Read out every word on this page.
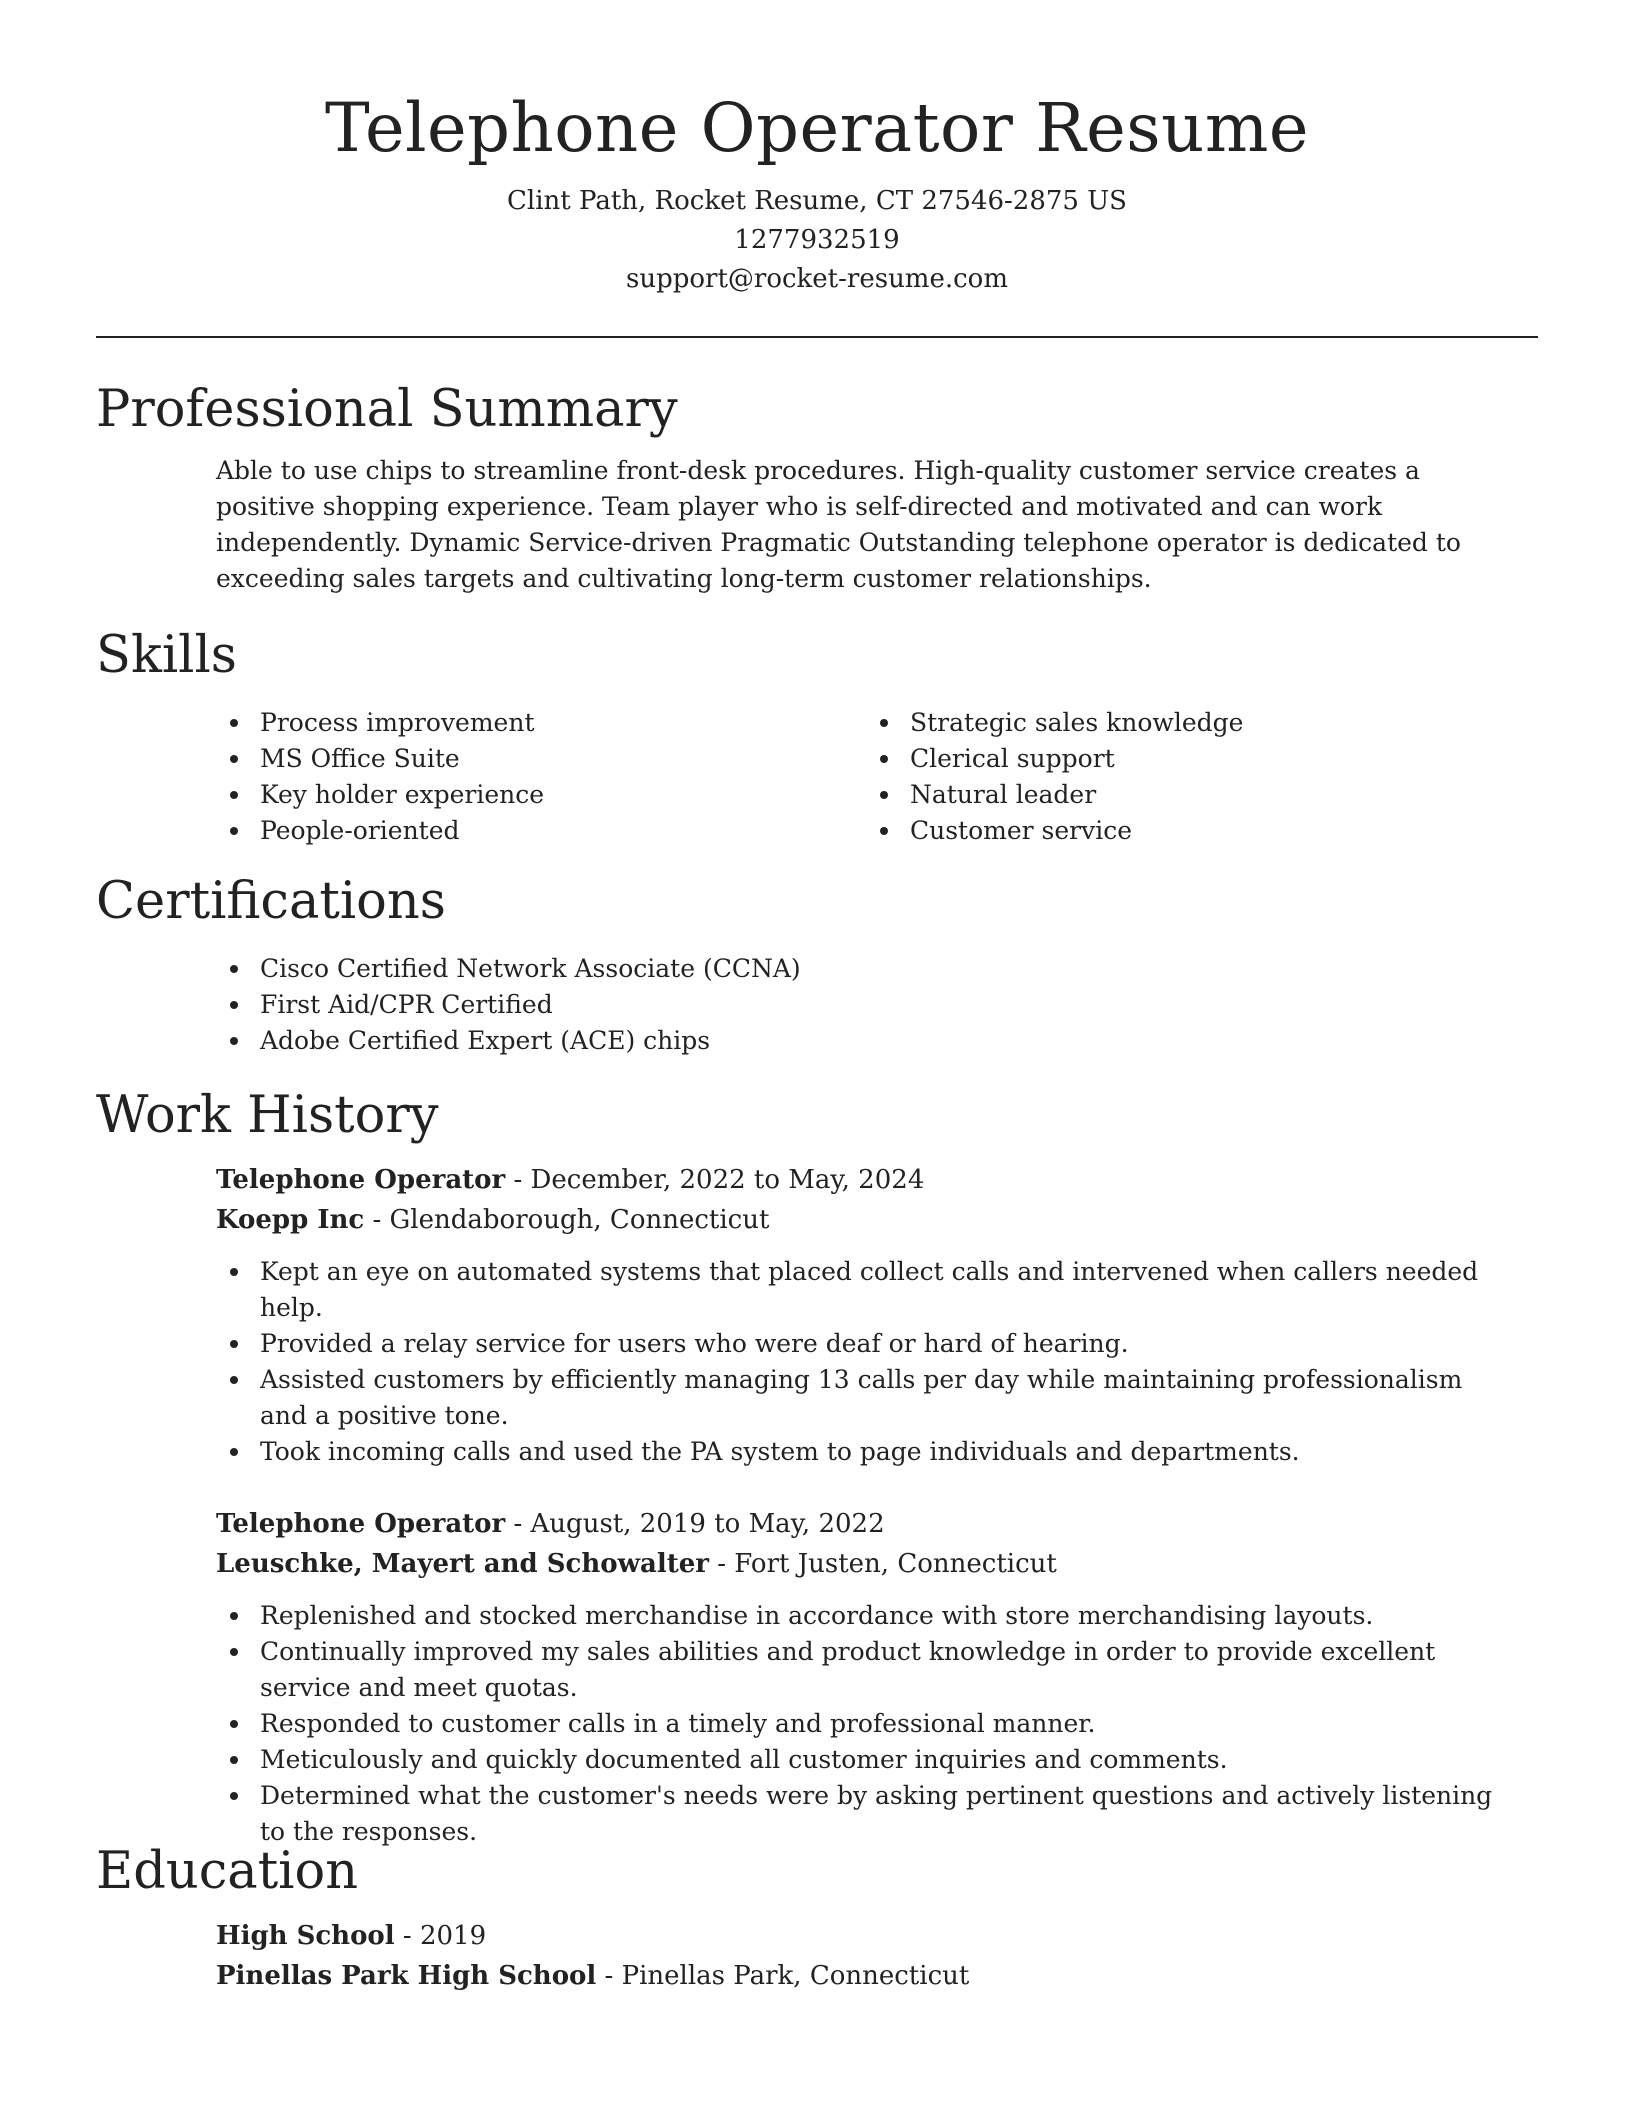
Telephone Operator Resume
Clint Path, Rocket Resume, CT 27546-2875 US
1277932519
support@rocket-resume.com
Professional Summary
Able to use chips to streamline front-desk procedures. High-quality customer service creates a positive shopping experience. Team player who is self-directed and motivated and can work independently. Dynamic Service-driven Pragmatic Outstanding telephone operator is dedicated to exceeding sales targets and cultivating long-term customer relationships.
Skills
Process improvement
MS Office Suite
Key holder experience
People-oriented
Strategic sales knowledge
Clerical support
Natural leader
Customer service
Certifications
Cisco Certified Network Associate (CCNA)
First Aid/CPR Certified
Adobe Certified Expert (ACE) chips
Work History
Telephone Operator - December, 2022 to May, 2024
Koepp Inc - Glendaborough, Connecticut
Kept an eye on automated systems that placed collect calls and intervened when callers needed help.
Provided a relay service for users who were deaf or hard of hearing.
Assisted customers by efficiently managing 13 calls per day while maintaining professionalism and a positive tone.
Took incoming calls and used the PA system to page individuals and departments.
Telephone Operator - August, 2019 to May, 2022
Leuschke, Mayert and Schowalter - Fort Justen, Connecticut
Replenished and stocked merchandise in accordance with store merchandising layouts.
Continually improved my sales abilities and product knowledge in order to provide excellent service and meet quotas.
Responded to customer calls in a timely and professional manner.
Meticulously and quickly documented all customer inquiries and comments.
Determined what the customer's needs were by asking pertinent questions and actively listening to the responses.
Education
High School - 2019
Pinellas Park High School - Pinellas Park, Connecticut
